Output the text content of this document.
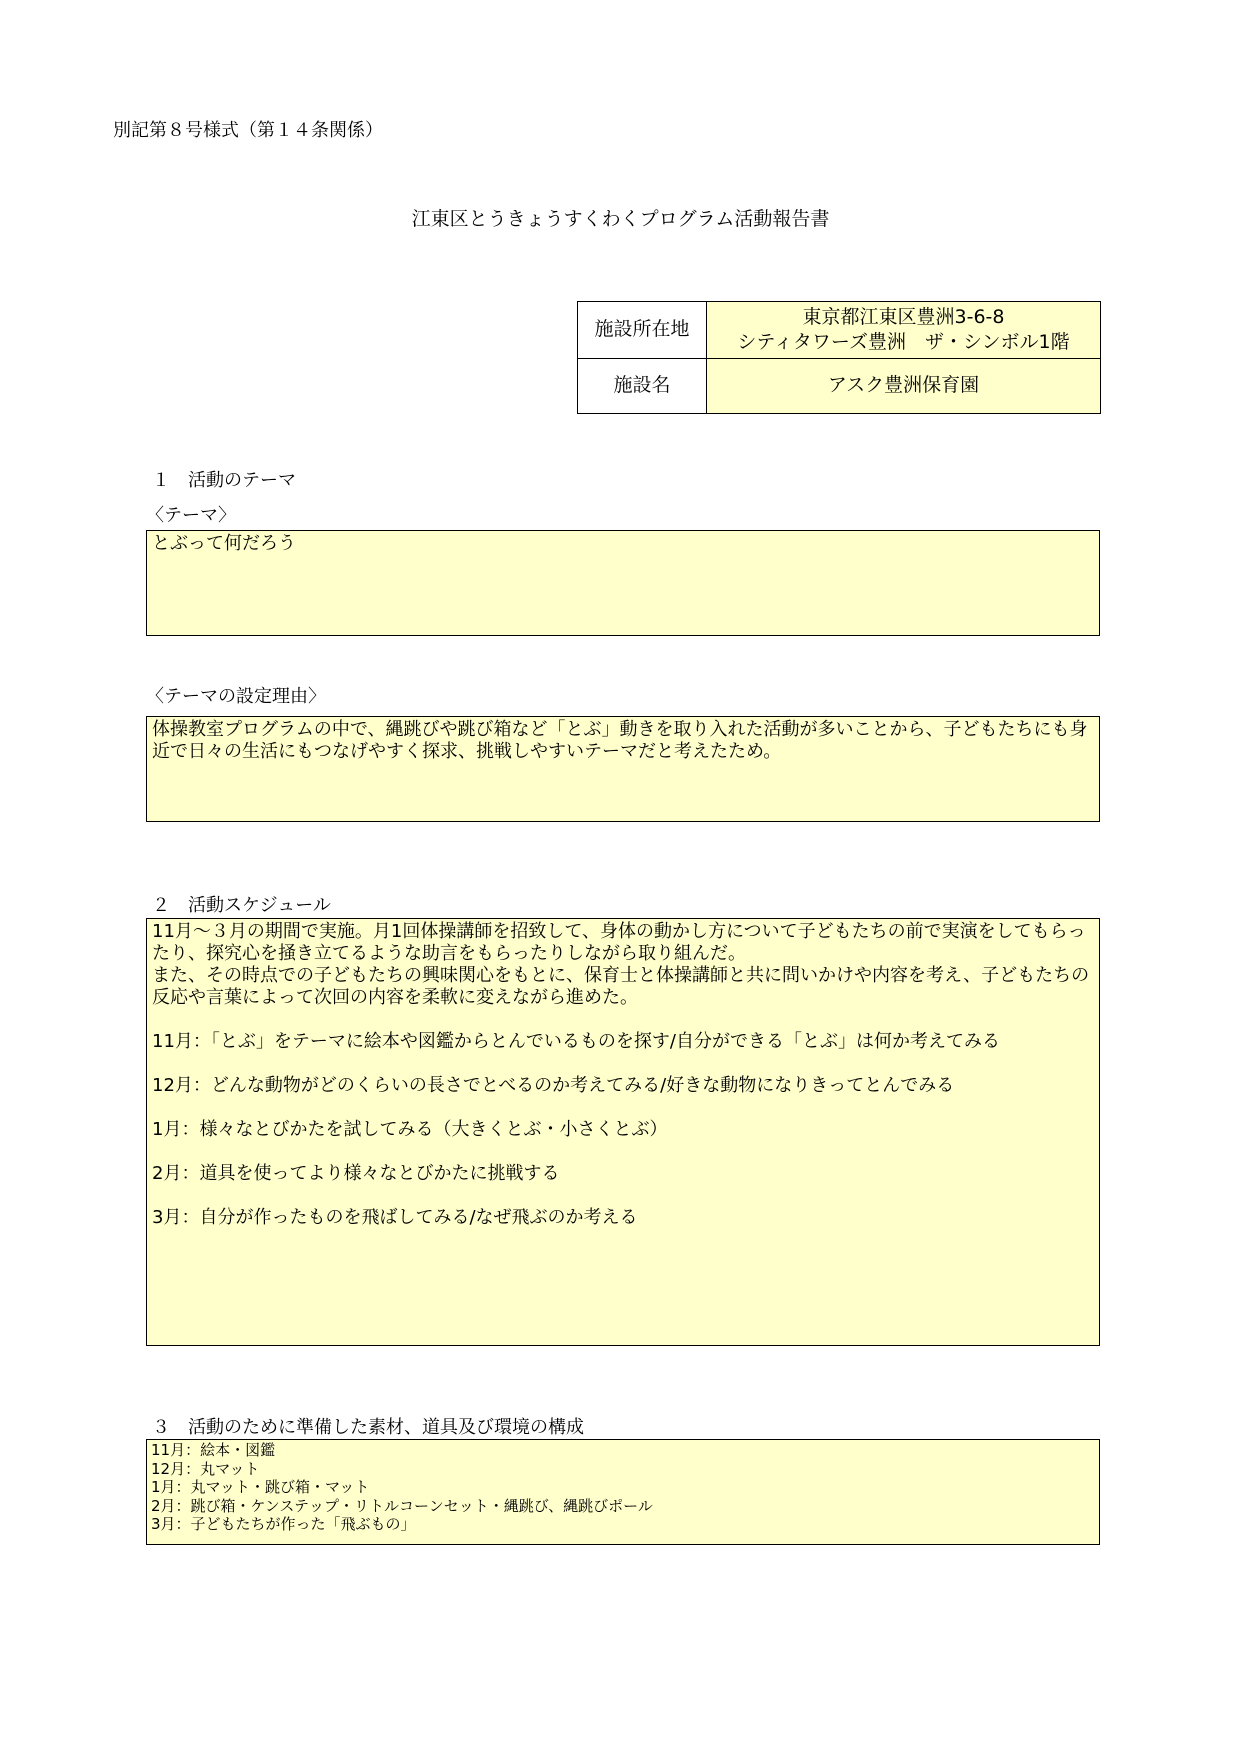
別記第８号様式（第１４条関係）
江東区とうきょうすくわくプログラム活動報告書
施設所在地	東京都江東区豊洲3-6-8
シティタワーズ豊洲　ザ・シンボル1階

施設名	アスク豊洲保育園
１　活動のテーマ
〈テーマ〉
とぶって何だろう
〈テーマの設定理由〉
体操教室プログラムの中で、縄跳びや跳び箱など「とぶ」動きを取り入れた活動が多いことから、子どもたちにも身近で日々の生活にもつなげやすく探求、挑戦しやすいテーマだと考えたため。
２　活動スケジュール
11月～３月の期間で実施。月1回体操講師を招致して、身体の動かし方について子どもたちの前で実演をしてもらったり、探究心を掻き立てるような助言をもらったりしながら取り組んだ。
また、その時点での子どもたちの興味関心をもとに、保育士と体操講師と共に問いかけや内容を考え、子どもたちの反応や言葉によって次回の内容を柔軟に変えながら進めた。

11月：「とぶ」をテーマに絵本や図鑑からとんでいるものを探す/自分ができる「とぶ」は何か考えてみる

12月：どんな動物がどのくらいの長さでとべるのか考えてみる/好きな動物になりきってとんでみる

1月：様々なとびかたを試してみる（大きくとぶ・小さくとぶ）

2月：道具を使ってより様々なとびかたに挑戦する

3月：自分が作ったものを飛ばしてみる/なぜ飛ぶのか考える
３　活動のために準備した素材、道具及び環境の構成
11月：絵本・図鑑
12月：丸マット
1月：丸マット・跳び箱・マット
2月：跳び箱・ケンステップ・リトルコーンセット・縄跳び、縄跳びポール
3月：子どもたちが作った「飛ぶもの」
